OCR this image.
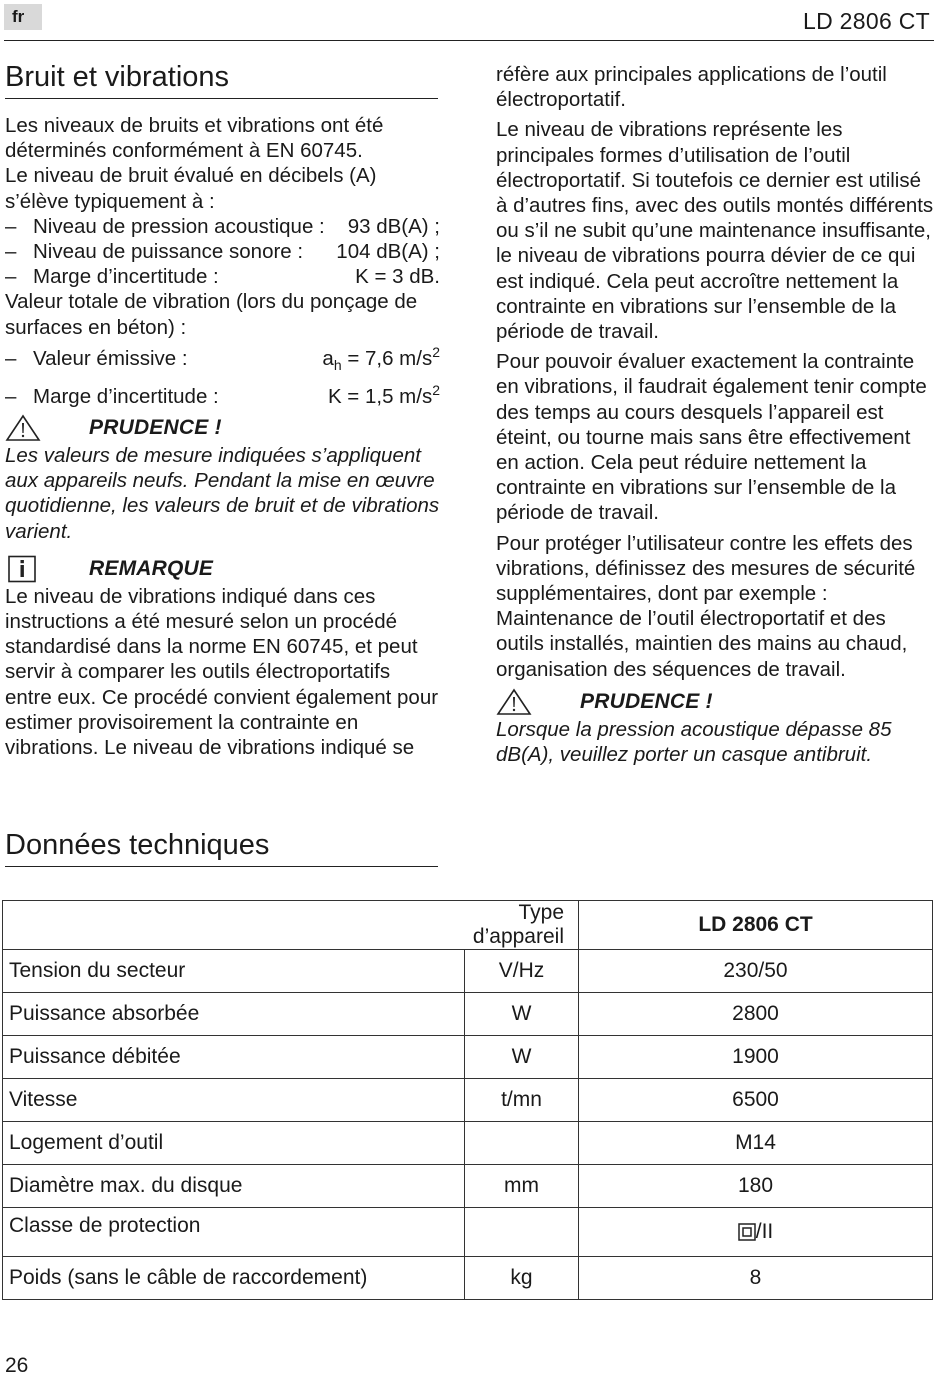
fr	LD 2806 CT
Bruit et vibrations

Les niveaux de bruits et vibrations ont été déterminés conformément à EN 60745.

Le niveau de bruit évalué en décibels (A) s’élève typiquement à :

– Niveau de pression acoustique :	93 dB(A) ;
– Niveau de puissance sonore :	104 dB(A) ;
– Marge d’incertitude :	K = 3 dB.

Valeur totale de vibration (lors du ponçage de surfaces en béton) :

– Valeur émissive :	$a_h = 7,6$ $m/s^2$
– Marge d’incertitude :	K = 1,5 $m/s^2$
PRUDENCE !

Les valeurs de mesure indiquées s’appliquent aux appareils neufs. Pendant la mise en œuvre quotidienne, les valeurs de bruit et de vibrations varient.

REMARQUE

Le niveau de vibrations indiqué dans ces instructions a été mesuré selon un procédé standardisé dans la norme EN 60745, et peut servir à comparer les outils électroportatifs entre eux. Ce procédé convient également pour estimer provisoirement la contrainte en vibrations. Le niveau de vibrations indiqué se

réfère aux principales applications de l’outil électroportatif.

Le niveau de vibrations représente les principales formes d’utilisation de l’outil électroportatif. Si toutefois ce dernier est utilisé à d’autres fins, avec des outils montés différents ou s’il ne subit qu’une maintenance insuffisante, le niveau de vibrations pourra dévier de ce qui est indiqué. Cela peut accroître nettement la contrainte en vibrations sur l’ensemble de la période de travail.

Pour pouvoir évaluer exactement la contrainte en vibrations, il faudrait également tenir compte des temps au cours desquels l’appareil est éteint, ou tourne mais sans être effectivement en action. Cela peut réduire nettement la contrainte en vibrations sur l’ensemble de la période de travail.

Pour protéger l’utilisateur contre les effets des vibrations, définissez des mesures de sécurité supplémentaires, dont par exemple : Maintenance de l’outil électroportatif et des outils installés, maintien des mains au chaud, organisation des séquences de travail.

PRUDENCE !

Lorsque la pression acoustique dépasse 85 dB(A), veuillez porter un casque antibruit.

Données techniques
	Type d’appareil	LD 2806 CT
Tension du secteur	V/Hz	230/50
Puissance absorbée	W	2800
Puissance débitée	W	1900
Vitesse	t/mn	6500
Logement d’outil		M14
Diamètre max. du disque	mm	180
Classe de protection		/II
Poids (sans le câble de raccordement)	kg	8
26
